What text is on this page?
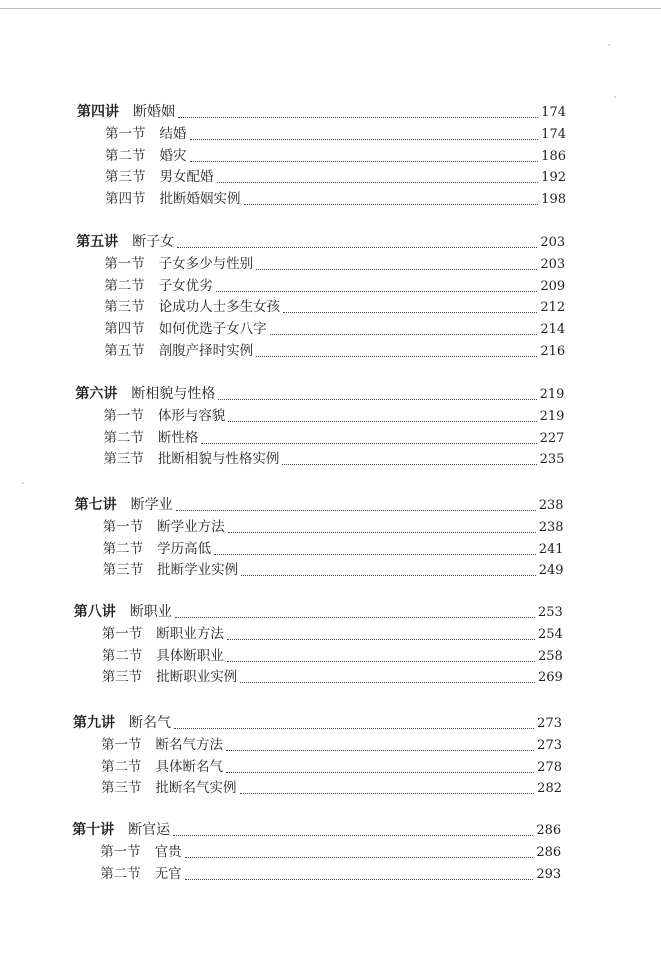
第四讲 断婚姻	174
第一节 结婚	174
第二节 婚灾	186
第三节 男女配婚	192
第四节 批断婚姻实例	198
第五讲 断子女	203
第一节 子女多少与性别	203
第二节 子女优劣	209
第三节 论成功人士多生女孩	212
第四节 如何优选子女八字	214
第五节 剖腹产择时实例	216
第六讲 断相貌与性格	219
第一节 体形与容貌	219
第二节 断性格	227
第三节 批断相貌与性格实例	235
第七讲 断学业	238
第一节 断学业方法	238
第二节 学历高低	241
第三节 批断学业实例	249
第八讲 断职业	253
第一节 断职业方法	254
第二节 具体断职业	258
第三节 批断职业实例	269
第九讲 断名气	273
第一节 断名气方法	273
第二节 具体断名气	278
第三节 批断名气实例	282
第十讲 断官运	286
第一节 官贵	286
第二节 无官	293
